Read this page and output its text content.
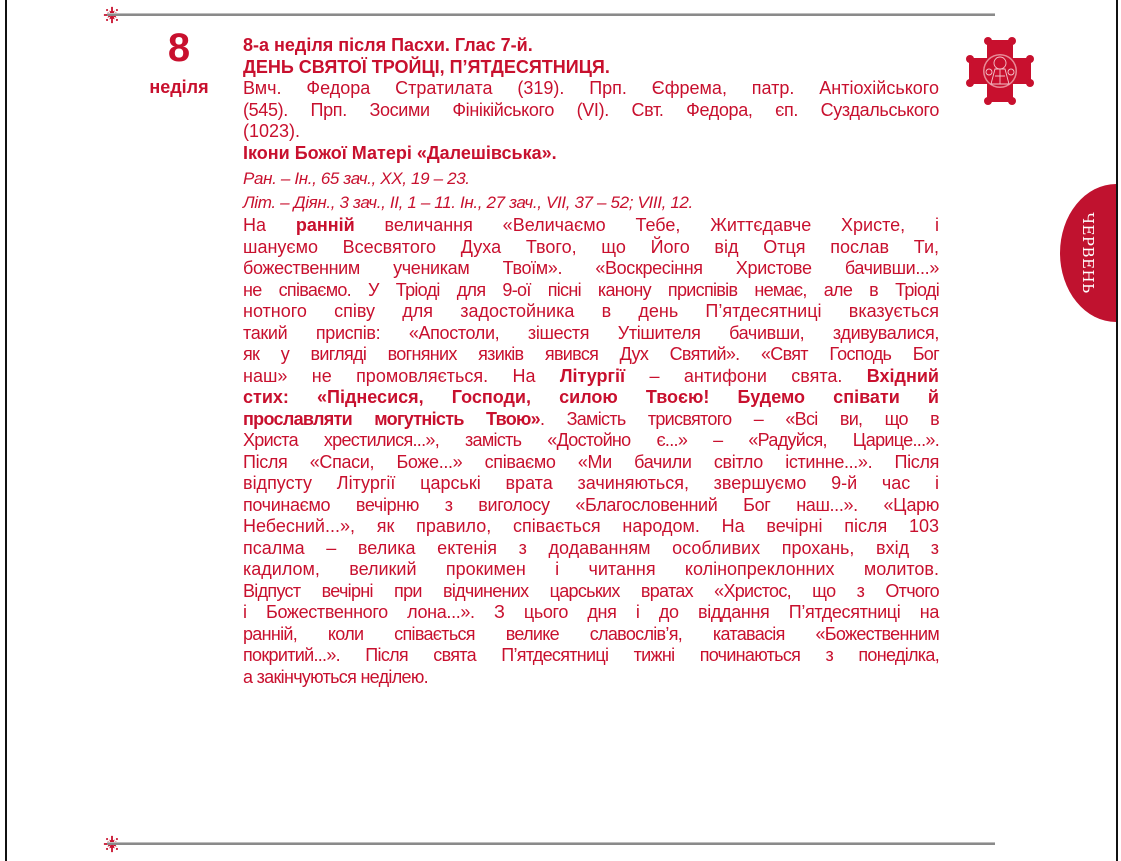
8
неділя
8-а неділя після Пасхи. Глас 7-й.
ДЕНЬ СВЯТОЇ ТРОЙЦІ, П’ЯТДЕСЯТНИЦЯ.
Вмч. Федора Стратилата (319). Прп. Єфрема, патр. Антіохійського
(545). Прп. Зосими Фінікійського (VI). Свт. Федора, єп. Суздальського
(1023).
Ікони Божої Матері «Далешівська».
Ран. – Ін., 65 зач., XX, 19 – 23.
Літ. – Діян., 3 зач., II, 1 – 11. Ін., 27 зач., VII, 37 – 52; VIII, 12.
На ранній величання «Величаємо Тебе, Життєдавче Христе, і
шануємо Всесвятого Духа Твого, що Його від Отця послав Ти,
божественним ученикам Твоїм». «Воскресіння Христове бачивши...»
не співаємо. У Тріоді для 9-ої пісні канону приспівів немає, але в Тріоді
нотного співу для задостойника в день П’ятдесятниці вказується
такий приспів: «Апостоли, зішестя Утішителя бачивши, здивувалися,
як у вигляді вогняних язиків явився Дух Святий». «Свят Господь Бог
наш» не промовляється. На Літургії – антифони свята. Вхідний
стих: «Піднесися, Господи, силою Твоєю! Будемо співати й
прославляти могутність Твою». Замість трисвятого – «Всі ви, що в
Христа хрестилися...», замість «Достойно є...» – «Радуйся, Царице...».
Після «Спаси, Боже...» співаємо «Ми бачили світло істинне...». Після
відпусту Літургії царські врата зачиняються, звершуємо 9-й час і
починаємо вечірню з виголосу «Благословенний Бог наш...». «Царю
Небесний...», як правило, співається народом. На вечірні після 103
псалма – велика ектенія з додаванням особливих прохань, вхід з
кадилом, великий прокимен і читання колінопреклонних молитов.
Відпуст вечірні при відчинених царських вратах «Христос, що з Отчого
і Божественного лона...». З цього дня і до віддання П’ятдесятниці на
ранній, коли співається велике славослів’я, катавасія «Божественним
покритий...». Після свята П’ятдесятниці тижні починаються з понеділка,
а закінчуються неділею.
ЧЕРВЕНЬ
